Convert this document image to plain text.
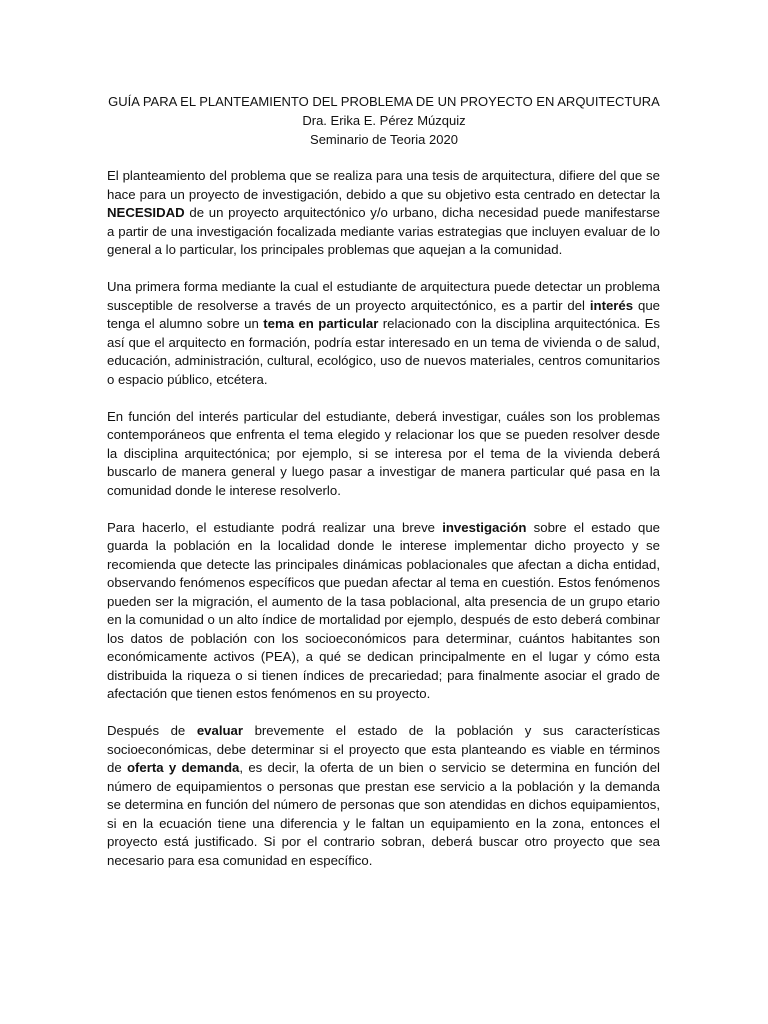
GUÍA PARA EL PLANTEAMIENTO DEL PROBLEMA DE UN PROYECTO EN ARQUITECTURA
Dra. Erika E. Pérez Múzquiz
Seminario de Teoria 2020

El planteamiento del problema que se realiza para una tesis de arquitectura, difiere del que se hace para un proyecto de investigación, debido a que su objetivo esta centrado en detectar la NECESIDAD de un proyecto arquitectónico y/o urbano, dicha necesidad puede manifestarse a partir de una investigación focalizada mediante varias estrategias que incluyen evaluar de lo general a lo particular, los principales problemas que aquejan a la comunidad.

Una primera forma mediante la cual el estudiante de arquitectura puede detectar un problema susceptible de resolverse a través de un proyecto arquitectónico, es a partir del interés que tenga el alumno sobre un tema en particular relacionado con la disciplina arquitectónica. Es así que el arquitecto en formación, podría estar interesado en un tema de vivienda o de salud, educación, administración, cultural, ecológico, uso de nuevos materiales, centros comunitarios o espacio público, etcétera.

En función del interés particular del estudiante, deberá investigar, cuáles son los problemas contemporáneos que enfrenta el tema elegido y relacionar los que se pueden resolver desde la disciplina arquitectónica; por ejemplo, si se interesa por el tema de la vivienda deberá buscarlo de manera general y luego pasar a investigar de manera particular qué pasa en la comunidad donde le interese resolverlo.

Para hacerlo, el estudiante podrá realizar una breve investigación sobre el estado que guarda la población en la localidad donde le interese implementar dicho proyecto y se recomienda que detecte las principales dinámicas poblacionales que afectan a dicha entidad, observando fenómenos específicos que puedan afectar al tema en cuestión. Estos fenómenos pueden ser la migración, el aumento de la tasa poblacional, alta presencia de un grupo etario en la comunidad o un alto índice de mortalidad por ejemplo, después de esto deberá combinar los datos de población con los socioeconómicos para determinar, cuántos habitantes son económicamente activos (PEA), a qué se dedican principalmente en el lugar y cómo esta distribuida la riqueza o si tienen índices de precariedad; para finalmente asociar el grado de afectación que tienen estos fenómenos en su proyecto.

Después de evaluar brevemente el estado de la población y sus características socioeconómicas, debe determinar si el proyecto que esta planteando es viable en términos de oferta y demanda, es decir, la oferta de un bien o servicio se determina en función del número de equipamientos o personas que prestan ese servicio a la población y la demanda se determina en función del número de personas que son atendidas en dichos equipamientos, si en la ecuación tiene una diferencia y le faltan un equipamiento en la zona, entonces el proyecto está justificado. Si por el contrario sobran, deberá buscar otro proyecto que sea necesario para esa comunidad en específico.
